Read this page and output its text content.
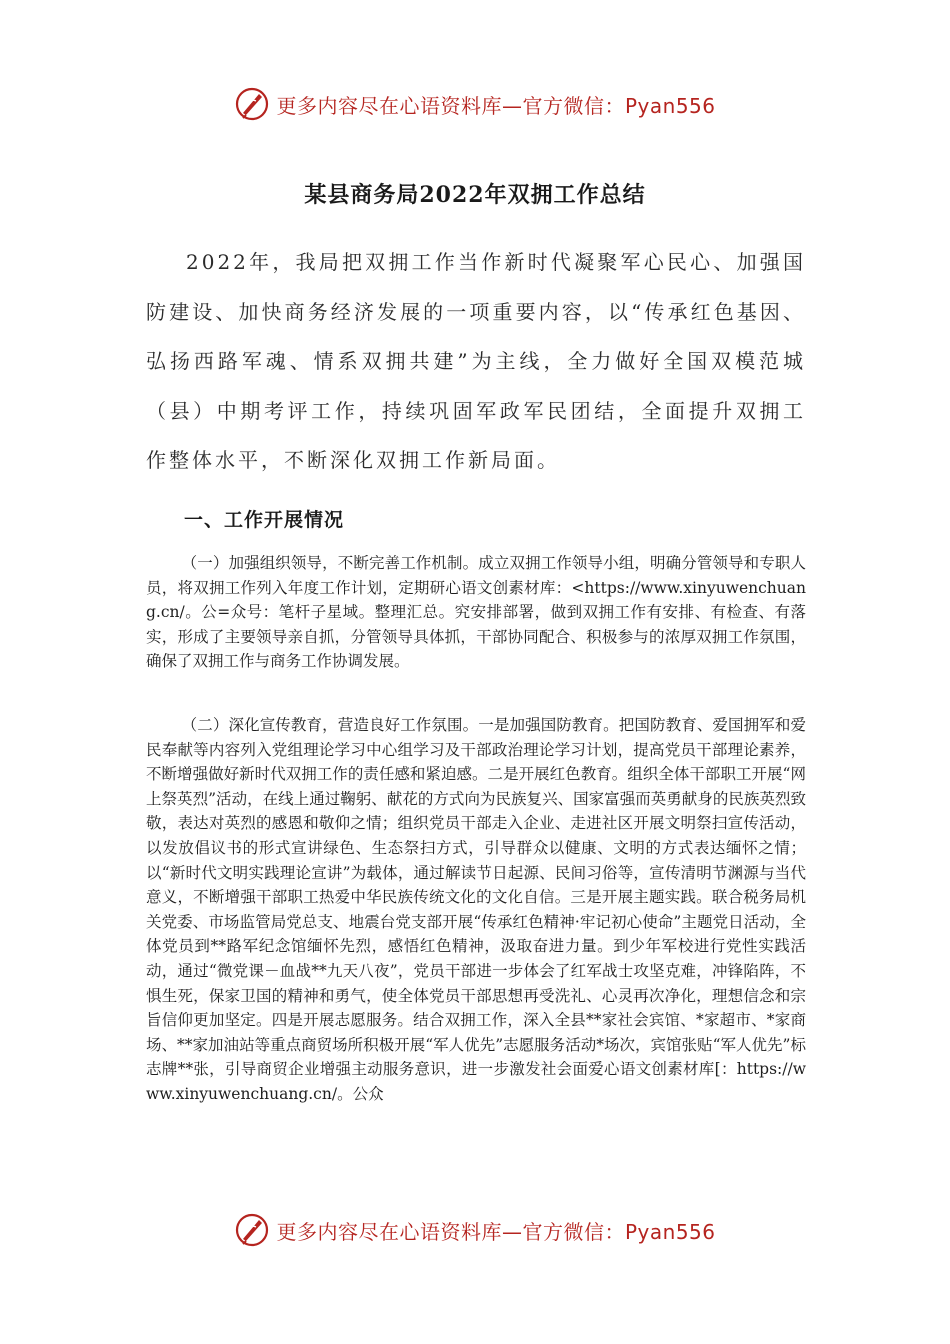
更多内容尽在心语资料库—官方微信：Pyan556
某县商务局2022年双拥工作总结
2022年，我局把双拥工作当作新时代凝聚军心民心、加强国防建设、加快商务经济发展的一项重要内容，以“传承红色基因、弘扬西路军魂、情系双拥共建”为主线，全力做好全国双模范城（县）中期考评工作，持续巩固军政军民团结，全面提升双拥工作整体水平，不断深化双拥工作新局面。
一、工作开展情况

（一）加强组织领导，不断完善工作机制。成立双拥工作领导小组，明确分管领导和专职人员，将双拥工作列入年度工作计划，定期研心语文创素材库：<https://www.xinyuwenchuang.cn/。公=众号：笔杆子星域。整理汇总。究安排部署，做到双拥工作有安排、有检查、有落实，形成了主要领导亲自抓，分管领导具体抓，干部协同配合、积极参与的浓厚双拥工作氛围，确保了双拥工作与商务工作协调发展。

（二）深化宣传教育，营造良好工作氛围。一是加强国防教育。把国防教育、爱国拥军和爱民奉献等内容列入党组理论学习中心组学习及干部政治理论学习计划，提高党员干部理论素养，不断增强做好新时代双拥工作的责任感和紧迫感。二是开展红色教育。组织全体干部职工开展“网上祭英烈”活动，在线上通过鞠躬、献花的方式向为民族复兴、国家富强而英勇献身的民族英烈致敬，表达对英烈的感恩和敬仰之情；组织党员干部走入企业、走进社区开展文明祭扫宣传活动，以发放倡议书的形式宣讲绿色、生态祭扫方式，引导群众以健康、文明的方式表达缅怀之情；以“新时代文明实践理论宣讲”为载体，通过解读节日起源、民间习俗等，宣传清明节渊源与当代意义，不断增强干部职工热爱中华民族传统文化的文化自信。三是开展主题实践。联合税务局机关党委、市场监管局党总支、地震台党支部开展“传承红色精神·牢记初心使命”主题党日活动，全体党员到**路军纪念馆缅怀先烈，感悟红色精神，汲取奋进力量。到少年军校进行党性实践活动，通过“微党课－血战**九天八夜”，党员干部进一步体会了红军战士攻坚克难，冲锋陷阵，不惧生死，保家卫国的精神和勇气，使全体党员干部思想再受洗礼、心灵再次净化，理想信念和宗旨信仰更加坚定。四是开展志愿服务。结合双拥工作，深入全县**家社会宾馆、*家超市、*家商场、**家加油站等重点商贸场所积极开展“军人优先”志愿服务活动*场次，宾馆张贴“军人优先”标志牌**张，引导商贸企业增强主动服务意识，进一步激发社会面爱心语文创素材库[：https://www.xinyuwenchuang.cn/。公众

更多内容尽在心语资料库—官方微信：Pyan556
